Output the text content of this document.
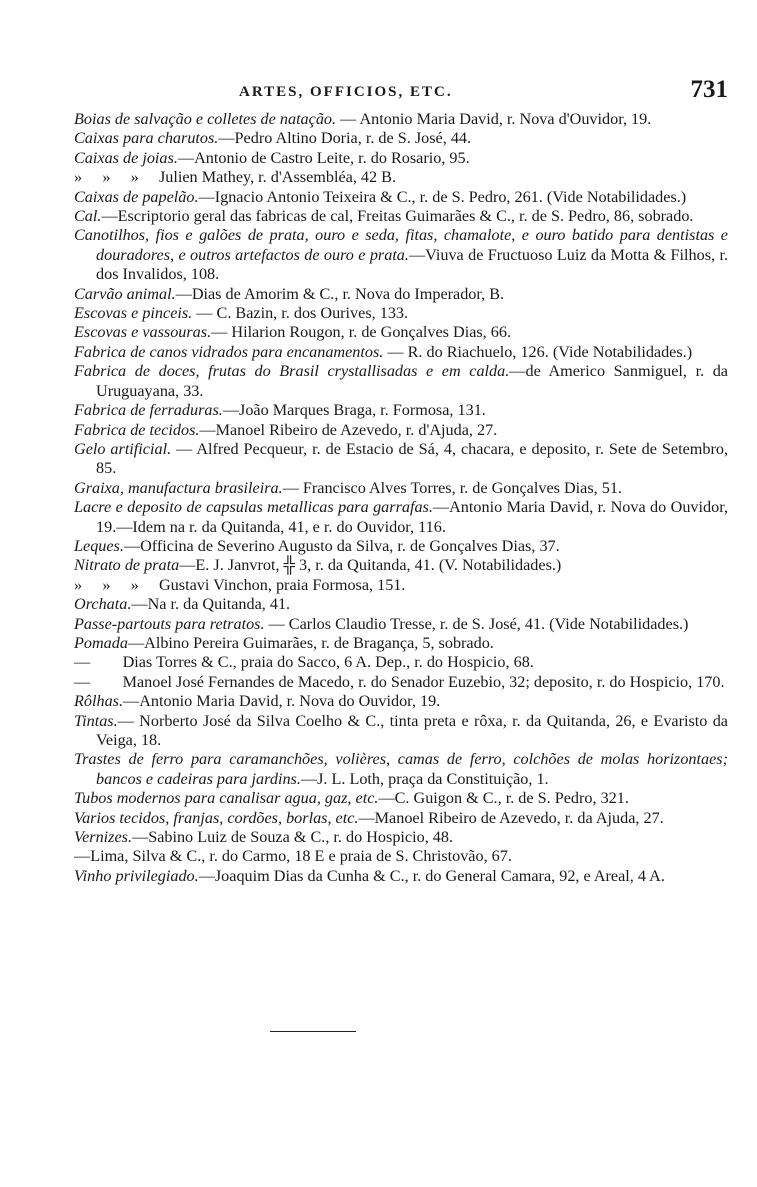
ARTES, OFFICIOS, ETC.	731
Boias de salvação e colletes de natação. — Antonio Maria David, r. Nova d'Ouvidor, 19.
Caixas para charutos.—Pedro Altino Doria, r. de S. José, 44.
Caixas de joias.—Antonio de Castro Leite, r. do Rosario, 95.
»     »     »     Julien Mathey, r. d'Assembléa, 42 B.
Caixas de papelão.—Ignacio Antonio Teixeira & C., r. de S. Pedro, 261. (Vide Notabilidades.)
Cal.—Escriptorio geral das fabricas de cal, Freitas Guimarães & C., r. de S. Pedro, 86, sobrado.
Canotilhos, fios e galões de prata, ouro e seda, fitas, chamalote, e ouro batido para dentistas e douradores, e outros artefactos de ouro e prata.—Viuva de Fructuoso Luiz da Motta & Filhos, r. dos Invalidos, 108.
Carvão animal.—Dias de Amorim & C., r. Nova do Imperador, B.
Escovas e pinceis. — C. Bazin, r. dos Ourives, 133.
Escovas e vassouras.— Hilarion Rougon, r. de Gonçalves Dias, 66.
Fabrica de canos vidrados para encanamentos. — R. do Riachuelo, 126. (Vide Notabilidades.)
Fabrica de doces, frutas do Brasil crystallisadas e em calda.—de Americo Sanmiguel, r. da Uruguayana, 33.
Fabrica de ferraduras.—João Marques Braga, r. Formosa, 131.
Fabrica de tecidos.—Manoel Ribeiro de Azevedo, r. d'Ajuda, 27.
Gelo artificial. — Alfred Pecqueur, r. de Estacio de Sá, 4, chacara, e deposito, r. Sete de Setembro, 85.
Graixa, manufactura brasileira.— Francisco Alves Torres, r. de Gonçalves Dias, 51.
Lacre e deposito de capsulas metallicas para garrafas.—Antonio Maria David, r. Nova do Ouvidor, 19.—Idem na r. da Quitanda, 41, e r. do Ouvidor, 116.
Leques.—Officina de Severino Augusto da Silva, r. de Gonçalves Dias, 37.
Nitrato de prata—E. J. Janvrot, ╬ 3, r. da Quitanda, 41. (V. Notabilidades.)
»     »     »     Gustavi Vinchon, praia Formosa, 151.
Orchata.—Na r. da Quitanda, 41.
Passe-partouts para retratos. — Carlos Claudio Tresse, r. de S. José, 41. (Vide Notabilidades.)
Pomada—Albino Pereira Guimarães, r. de Bragança, 5, sobrado.
—        Dias Torres & C., praia do Sacco, 6 A. Dep., r. do Hospicio, 68.
—        Manoel José Fernandes de Macedo, r. do Senador Euzebio, 32; deposito, r. do Hospicio, 170.
Rôlhas.—Antonio Maria David, r. Nova do Ouvidor, 19.
Tintas.— Norberto José da Silva Coelho & C., tinta preta e rôxa, r. da Quitanda, 26, e Evaristo da Veiga, 18.
Trastes de ferro para caramanchões, volières, camas de ferro, colchões de molas horizontaes; bancos e cadeiras para jardins.—J. L. Loth, praça da Constituição, 1.
Tubos modernos para canalisar agua, gaz, etc.—C. Guigon & C., r. de S. Pedro, 321.
Varios tecidos, franjas, cordões, borlas, etc.—Manoel Ribeiro de Azevedo, r. da Ajuda, 27.
Vernizes.—Sabino Luiz de Souza & C., r. do Hospicio, 48.
—Lima, Silva & C., r. do Carmo, 18 E e praia de S. Christovão, 67.
Vinho privilegiado.—Joaquim Dias da Cunha & C., r. do General Camara, 92, e Areal, 4 A.
